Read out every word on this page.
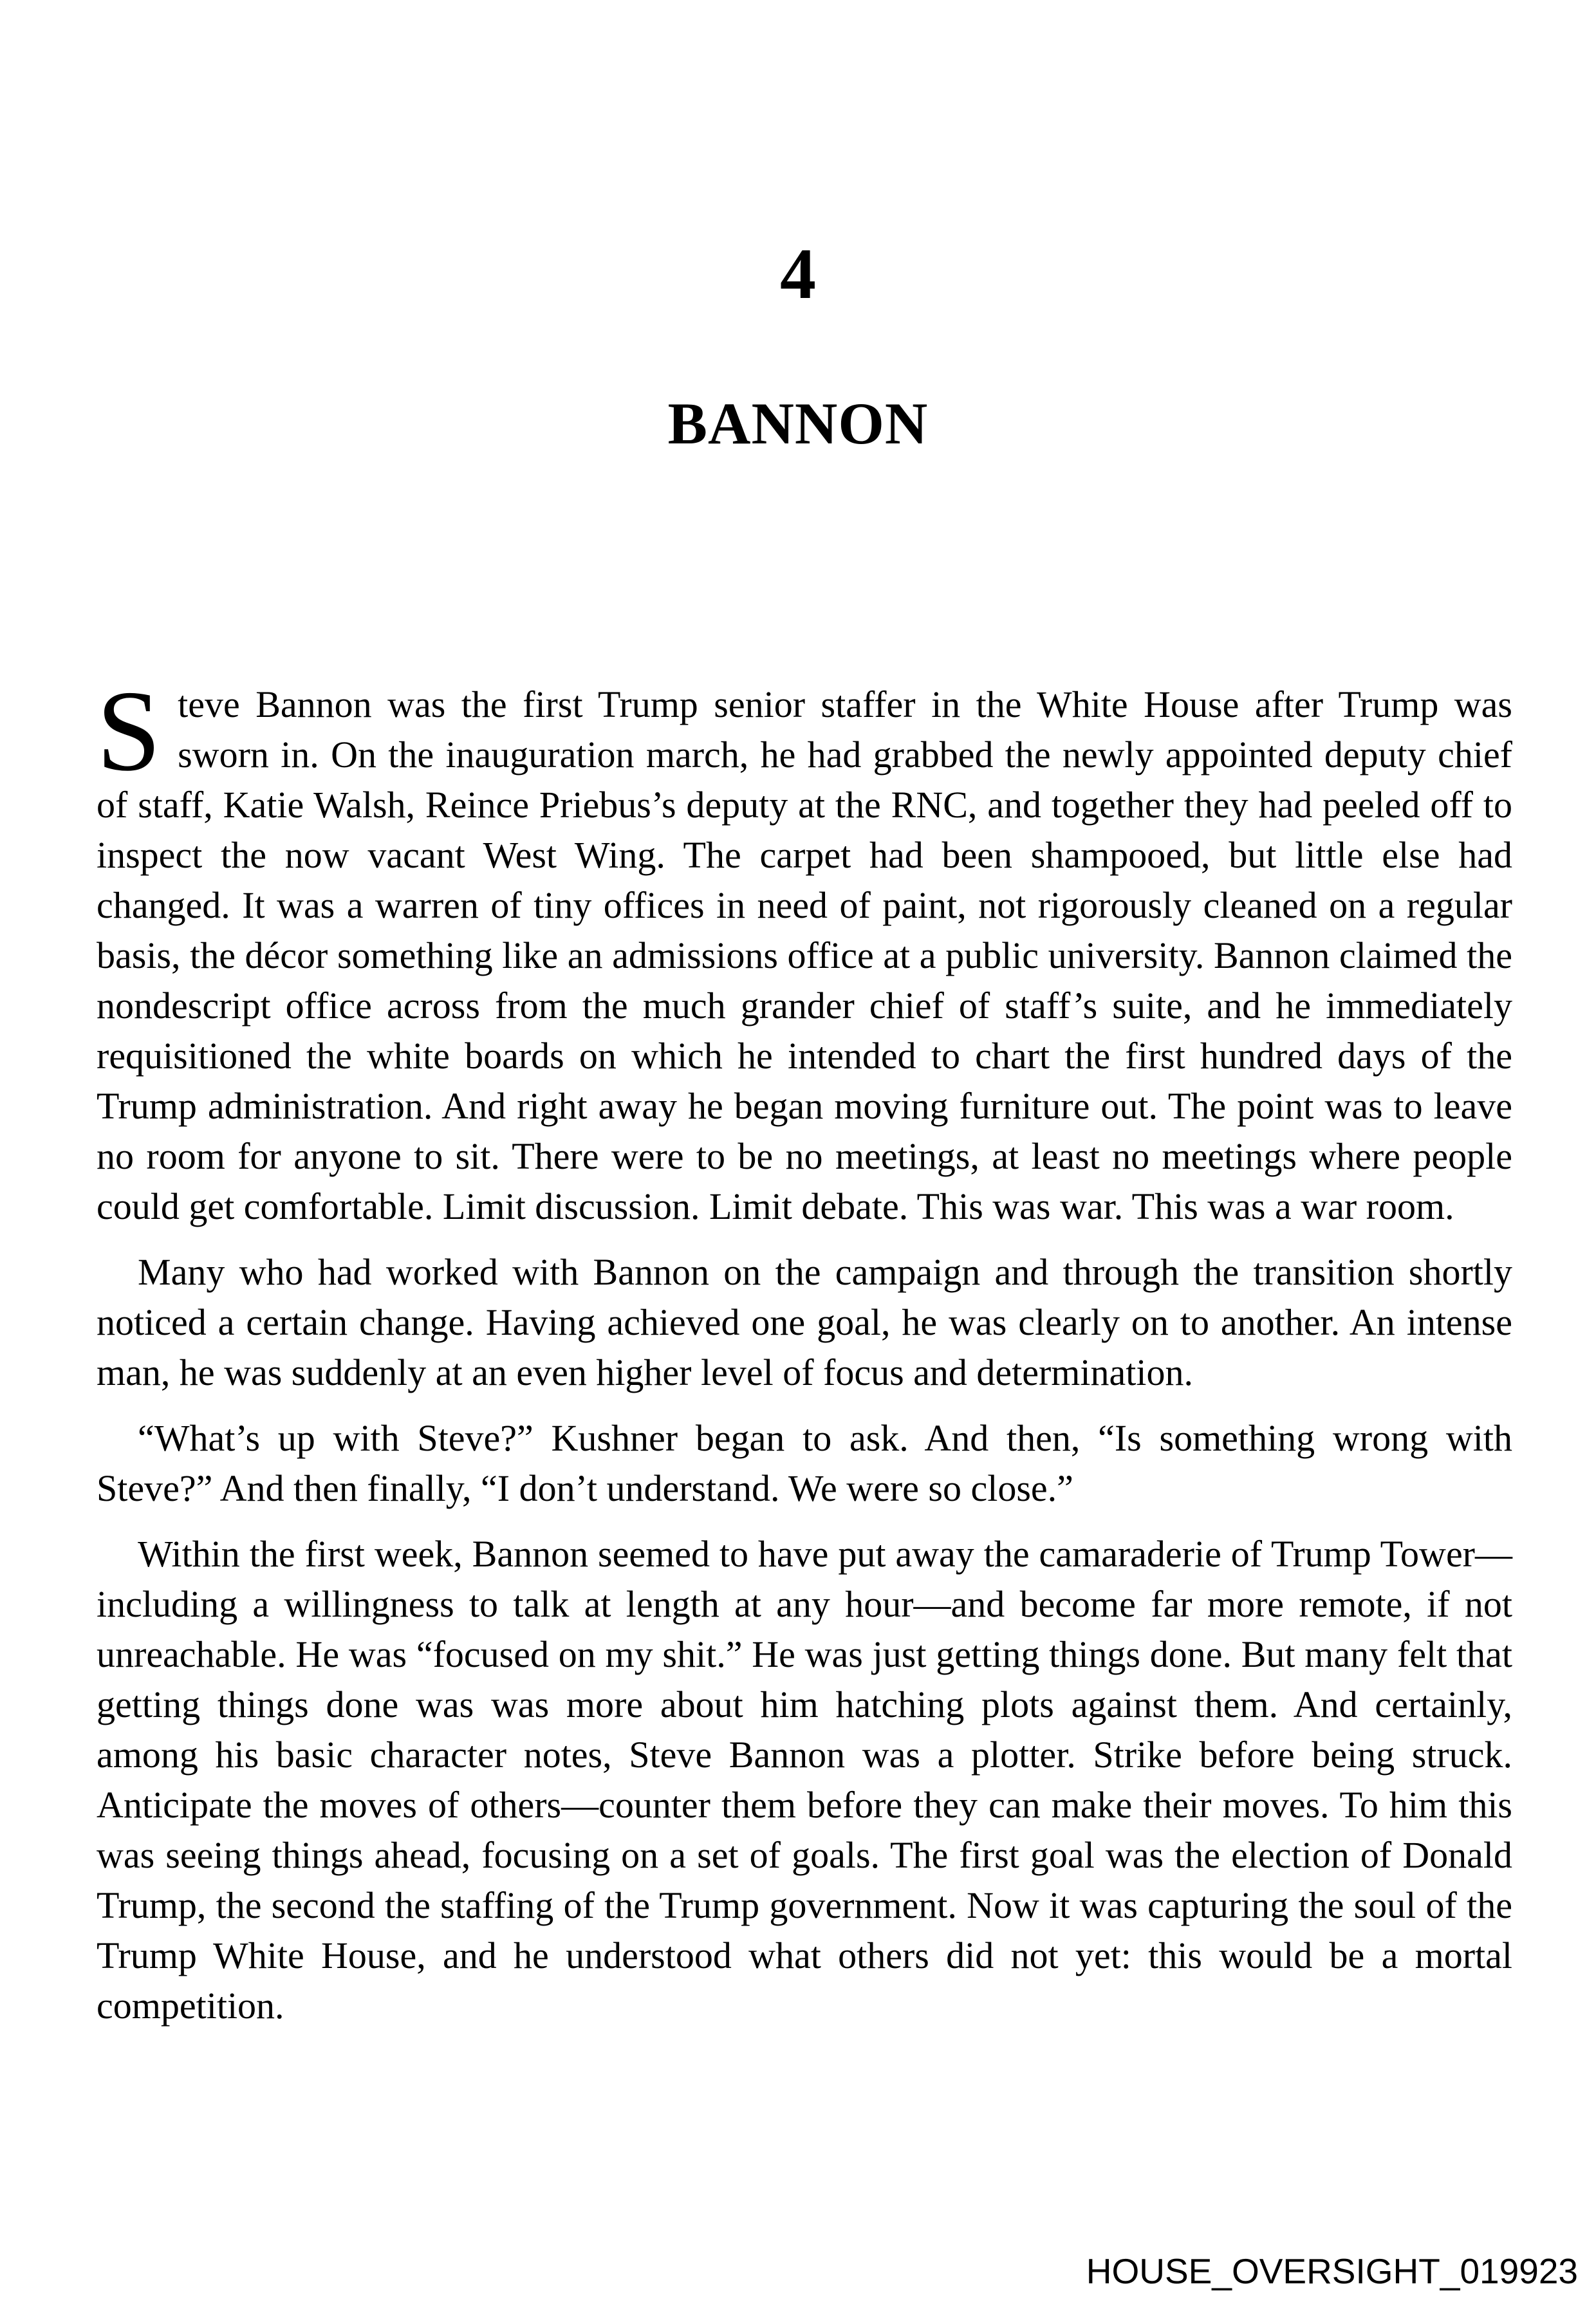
4
BANNON

Steve Bannon was the first Trump senior staffer in the White House after Trump was sworn in. On the inauguration march, he had grabbed the newly appointed deputy chief of staff, Katie Walsh, Reince Priebus’s deputy at the RNC, and together they had peeled off to inspect the now vacant West Wing. The carpet had been shampooed, but little else had changed. It was a warren of tiny offices in need of paint, not rigorously cleaned on a regular basis, the décor something like an admissions office at a public university. Bannon claimed the nondescript office across from the much grander chief of staff’s suite, and he immediately requisitioned the white boards on which he intended to chart the first hundred days of the Trump administration. And right away he began moving furniture out. The point was to leave no room for anyone to sit. There were to be no meetings, at least no meetings where people could get comfortable. Limit discussion. Limit debate. This was war. This was a war room.

Many who had worked with Bannon on the campaign and through the transition shortly noticed a certain change. Having achieved one goal, he was clearly on to another. An intense man, he was suddenly at an even higher level of focus and determination.

“What’s up with Steve?” Kushner began to ask. And then, “Is something wrong with Steve?” And then finally, “I don’t understand. We were so close.”

Within the first week, Bannon seemed to have put away the camaraderie of Trump Tower—including a willingness to talk at length at any hour—and become far more remote, if not unreachable. He was “focused on my shit.” He was just getting things done. But many felt that getting things done was was more about him hatching plots against them. And certainly, among his basic character notes, Steve Bannon was a plotter. Strike before being struck. Anticipate the moves of others—counter them before they can make their moves. To him this was seeing things ahead, focusing on a set of goals. The first goal was the election of Donald Trump, the second the staffing of the Trump government. Now it was capturing the soul of the Trump White House, and he understood what others did not yet: this would be a mortal competition.

HOUSE_OVERSIGHT_019923
